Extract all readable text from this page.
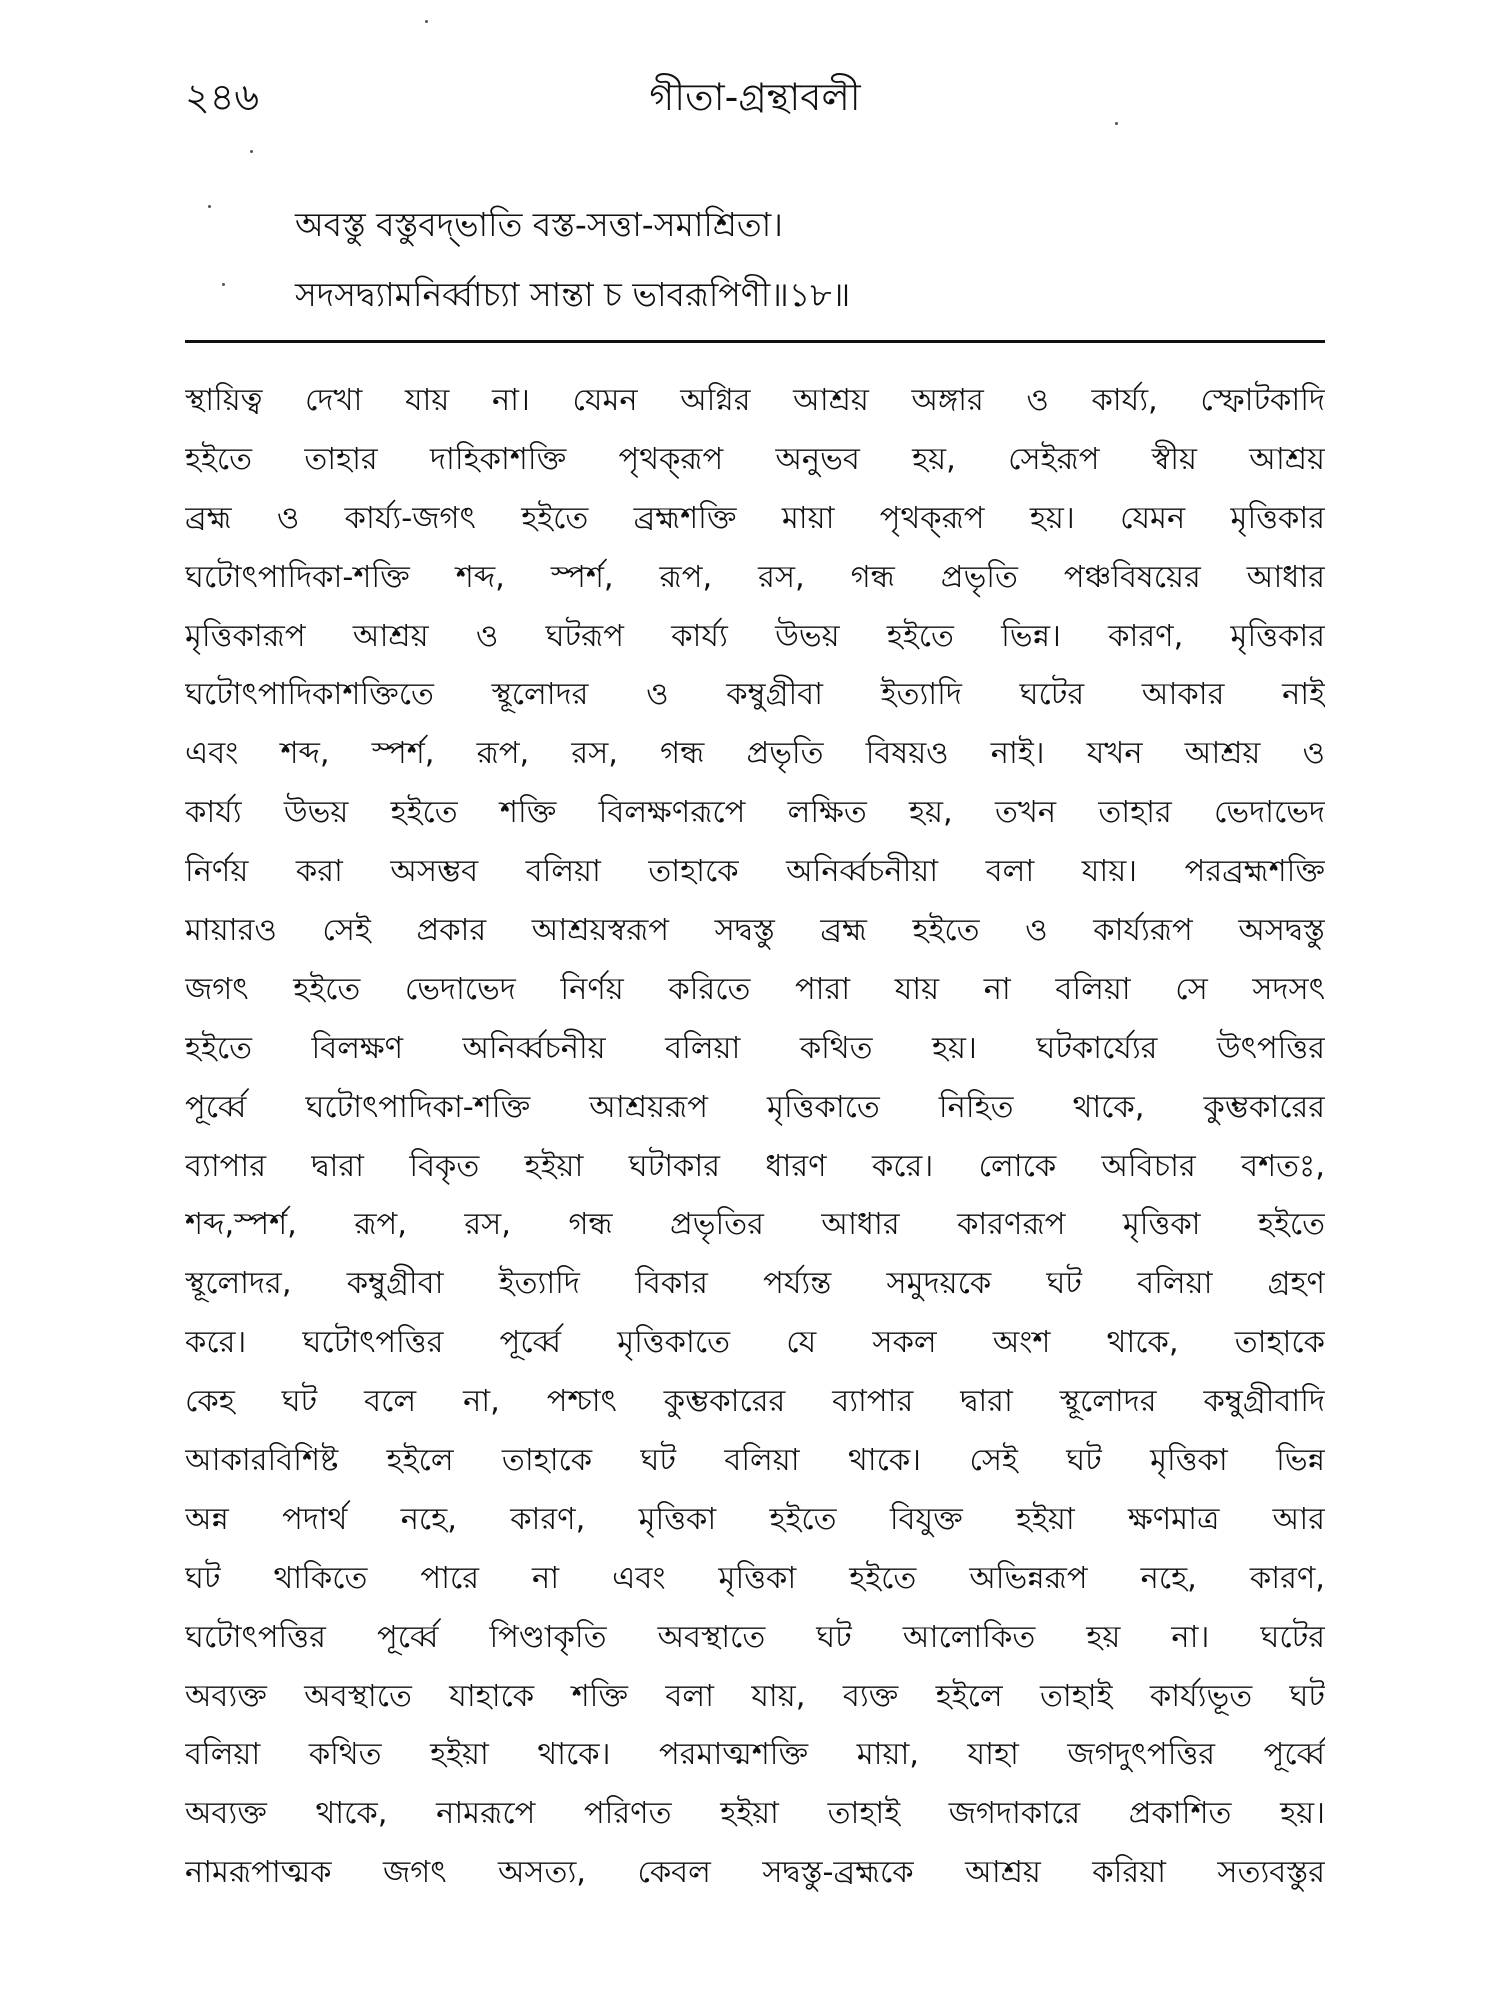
২৪৬	গীতা-গ্রন্থাবলী
অবস্তু বস্তুবদ্‌ভাতি বস্ত-সত্তা-সমাশ্রিতা।
সদসদ্ব্যামনির্ব্বাচ্যা সান্তা চ ভাবরূপিণী॥১৮॥
স্থায়িত্ব দেখা যায় না। যেমন অগ্নির আশ্রয় অঙ্গার ও কার্য্য, স্ফোটকাদি
হইতে তাহার দাহিকাশক্তি পৃথক্‌রূপ অনুভব হয়, সেইরূপ স্বীয় আশ্রয়
ব্রহ্ম ও কার্য্য-জগৎ হইতে ব্রহ্মশক্তি মায়া পৃথক্‌রূপ হয়। যেমন মৃত্তিকার
ঘটোৎপাদিকা-শক্তি শব্দ, স্পর্শ, রূপ, রস, গন্ধ প্রভৃতি পঞ্চবিষয়ের আধার
মৃত্তিকারূপ আশ্রয় ও ঘটরূপ কার্য্য উভয় হইতে ভিন্ন। কারণ, মৃত্তিকার
ঘটোৎপাদিকাশক্তিতে স্থূলোদর ও কম্বুগ্রীবা ইত্যাদি ঘটের আকার নাই
এবং শব্দ, স্পর্শ, রূপ, রস, গন্ধ প্রভৃতি বিষয়ও নাই। যখন আশ্রয় ও
কার্য্য উভয় হইতে শক্তি বিলক্ষণরূপে লক্ষিত হয়, তখন তাহার ভেদাভেদ
নির্ণয় করা অসম্ভব বলিয়া তাহাকে অনির্ব্বচনীয়া বলা যায়। পরব্রহ্মশক্তি
মায়ারও সেই প্রকার আশ্রয়স্বরূপ সদ্বস্তু ব্রহ্ম হইতে ও কার্য্যরূপ অসদ্বস্তু
জগৎ হইতে ভেদাভেদ নির্ণয় করিতে পারা যায় না বলিয়া সে সদসৎ
হইতে বিলক্ষণ অনির্ব্বচনীয় বলিয়া কথিত হয়। ঘটকার্য্যের উৎপত্তির
পূর্ব্বে ঘটোৎপাদিকা-শক্তি আশ্রয়রূপ মৃত্তিকাতে নিহিত থাকে, কুম্ভকারের
ব্যাপার দ্বারা বিকৃত হইয়া ঘটাকার ধারণ করে। লোকে অবিচার বশতঃ,
শব্দ,স্পর্শ, রূপ, রস, গন্ধ প্রভৃতির আধার কারণরূপ মৃত্তিকা হইতে
স্থূলোদর, কম্বুগ্রীবা ইত্যাদি বিকার পর্য্যন্ত সমুদয়কে ঘট বলিয়া গ্রহণ
করে। ঘটোৎপত্তির পূর্ব্বে মৃত্তিকাতে যে সকল অংশ থাকে, তাহাকে
কেহ ঘট বলে না, পশ্চাৎ কুম্ভকারের ব্যাপার দ্বারা স্থূলোদর কম্বুগ্রীবাদি
আকারবিশিষ্ট হইলে তাহাকে ঘট বলিয়া থাকে। সেই ঘট মৃত্তিকা ভিন্ন
অন্ন পদার্থ নহে, কারণ, মৃত্তিকা হইতে বিযুক্ত হইয়া ক্ষণমাত্র আর
ঘট থাকিতে পারে না এবং মৃত্তিকা হইতে অভিন্নরূপ নহে, কারণ,
ঘটোৎপত্তির পূর্ব্বে পিণ্ডাকৃতি অবস্থাতে ঘট আলোকিত হয় না। ঘটের
অব্যক্ত অবস্থাতে যাহাকে শক্তি বলা যায়, ব্যক্ত হইলে তাহাই কার্য্যভূত ঘট
বলিয়া কথিত হইয়া থাকে। পরমাত্মশক্তি মায়া, যাহা জগদুৎপত্তির পূর্ব্বে
অব্যক্ত থাকে, নামরূপে পরিণত হইয়া তাহাই জগদাকারে প্রকাশিত হয়।
নামরূপাত্মক জগৎ অসত্য, কেবল সদ্বস্তু-ব্রহ্মকে আশ্রয় করিয়া সত্যবস্তুর
